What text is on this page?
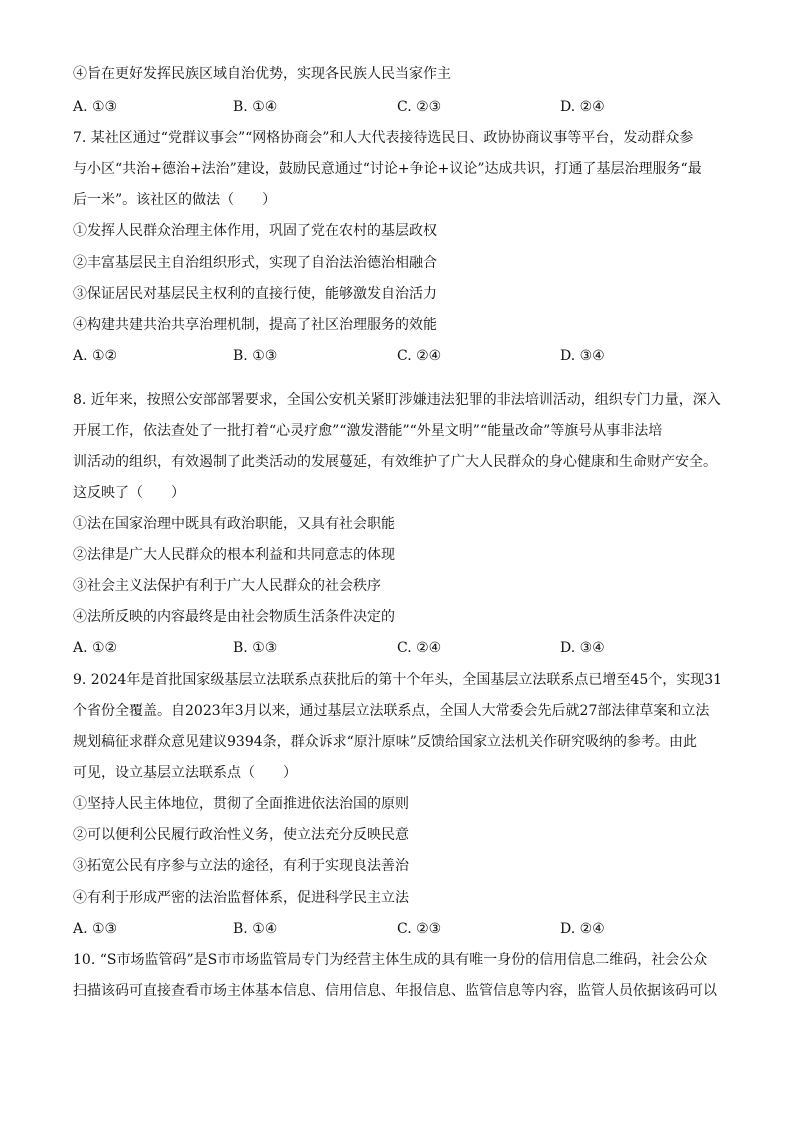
④旨在更好发挥民族区域自治优势，实现各民族人民当家作主
A. ①③	B. ①④	C. ②③	D. ②④
7. 某社区通过“党群议事会”“网格协商会”和人大代表接待选民日、政协协商议事等平台，发动群众参
与小区“共治+德治+法治”建设，鼓励民意通过“讨论+争论+议论”达成共识，打通了基层治理服务“最
后一米”。该社区的做法（　　）
①发挥人民群众治理主体作用，巩固了党在农村的基层政权
②丰富基层民主自治组织形式，实现了自治法治德治相融合
③保证居民对基层民主权利的直接行使，能够激发自治活力
④构建共建共治共享治理机制，提高了社区治理服务的效能
A. ①②	B. ①③	C. ②④	D. ③④
8. 近年来，按照公安部部署要求，全国公安机关紧盯涉嫌违法犯罪的非法培训活动，组织专门力量，深入
开展工作，依法查处了一批打着“心灵疗愈”“激发潜能”“外星文明”“能量改命”等旗号从事非法培
训活动的组织，有效遏制了此类活动的发展蔓延，有效维护了广大人民群众的身心健康和生命财产安全。
这反映了（　　）
①法在国家治理中既具有政治职能，又具有社会职能
②法律是广大人民群众的根本利益和共同意志的体现
③社会主义法保护有利于广大人民群众的社会秩序
④法所反映的内容最终是由社会物质生活条件决定的
A. ①②	B. ①③	C. ②④	D. ③④
9. 2024年是首批国家级基层立法联系点获批后的第十个年头，全国基层立法联系点已增至45个，实现31
个省份全覆盖。自2023年3月以来，通过基层立法联系点，全国人大常委会先后就27部法律草案和立法
规划稿征求群众意见建议9394条，群众诉求“原汁原味”反馈给国家立法机关作研究吸纳的参考。由此
可见，设立基层立法联系点（　　）
①坚持人民主体地位，贯彻了全面推进依法治国的原则
②可以便利公民履行政治性义务，使立法充分反映民意
③拓宽公民有序参与立法的途径，有利于实现良法善治
④有利于形成严密的法治监督体系，促进科学民主立法
A. ①③	B. ①④	C. ②③	D. ②④
10. “S市场监管码”是S市市场监管局专门为经营主体生成的具有唯一身份的信用信息二维码，社会公众
扫描该码可直接查看市场主体基本信息、信用信息、年报信息、监管信息等内容，监管人员依据该码可以
